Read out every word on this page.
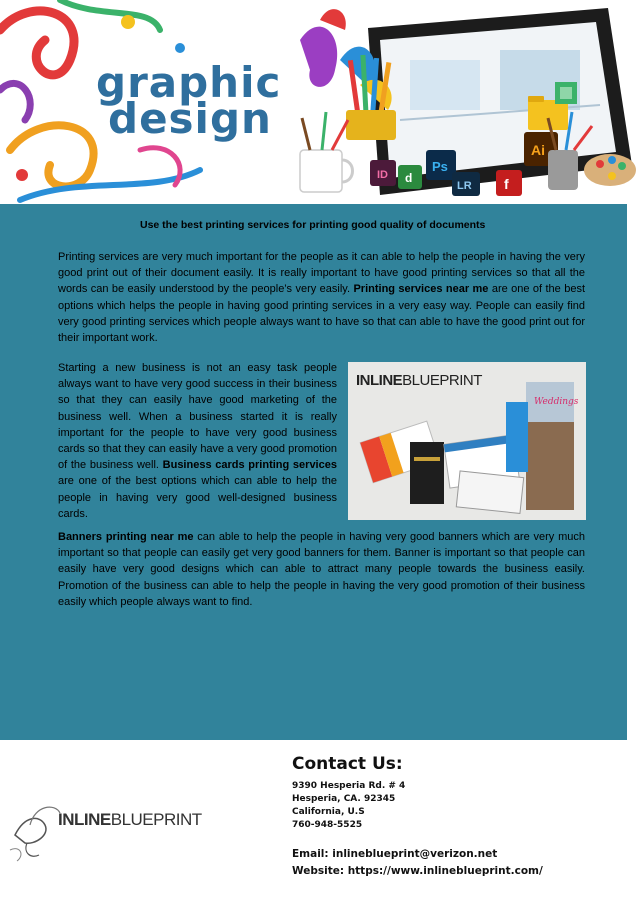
ID d
Ps
LR f
Ai
graphic
design
Use the best printing services for printing good quality of documents

Printing services are very much important for the people as it can able to help the people in having the very good print out of their document easily. It is really important to have good printing services so that all the words can be easily understood by the people’s very easily. Printing services near me are one of the best options which helps the people in having good printing services in a very easy way. People can easily find very good printing services which people always want to have so that can able to have the good print out for their important work.

Starting a new business is not an easy task people always want to have very good success in their business so that they can easily have good marketing of the business well. When a business started it is really important for the people to have very good business cards so that they can easily have a very good promotion of the business well. Business cards printing services are one of the best options which can able to help the people in having very good well-designed business cards.

INLINEBLUEPRINT
Weddings

Banners printing near me can able to help the people in having very good banners which are very much important so that people can easily get very good banners for them. Banner is important so that people can easily have very good designs which can able to attract many people towards the business easily. Promotion of the business can able to help the people in having the very good promotion of their business easily which people always want to find.

INLINEBLUEPRINT
Contact Us:
9390 Hesperia Rd. # 4
Hesperia, CA. 92345
California, U.S
760-948-5525
Email: inlineblueprint@verizon.net
Website: https://www.inlineblueprint.com/
